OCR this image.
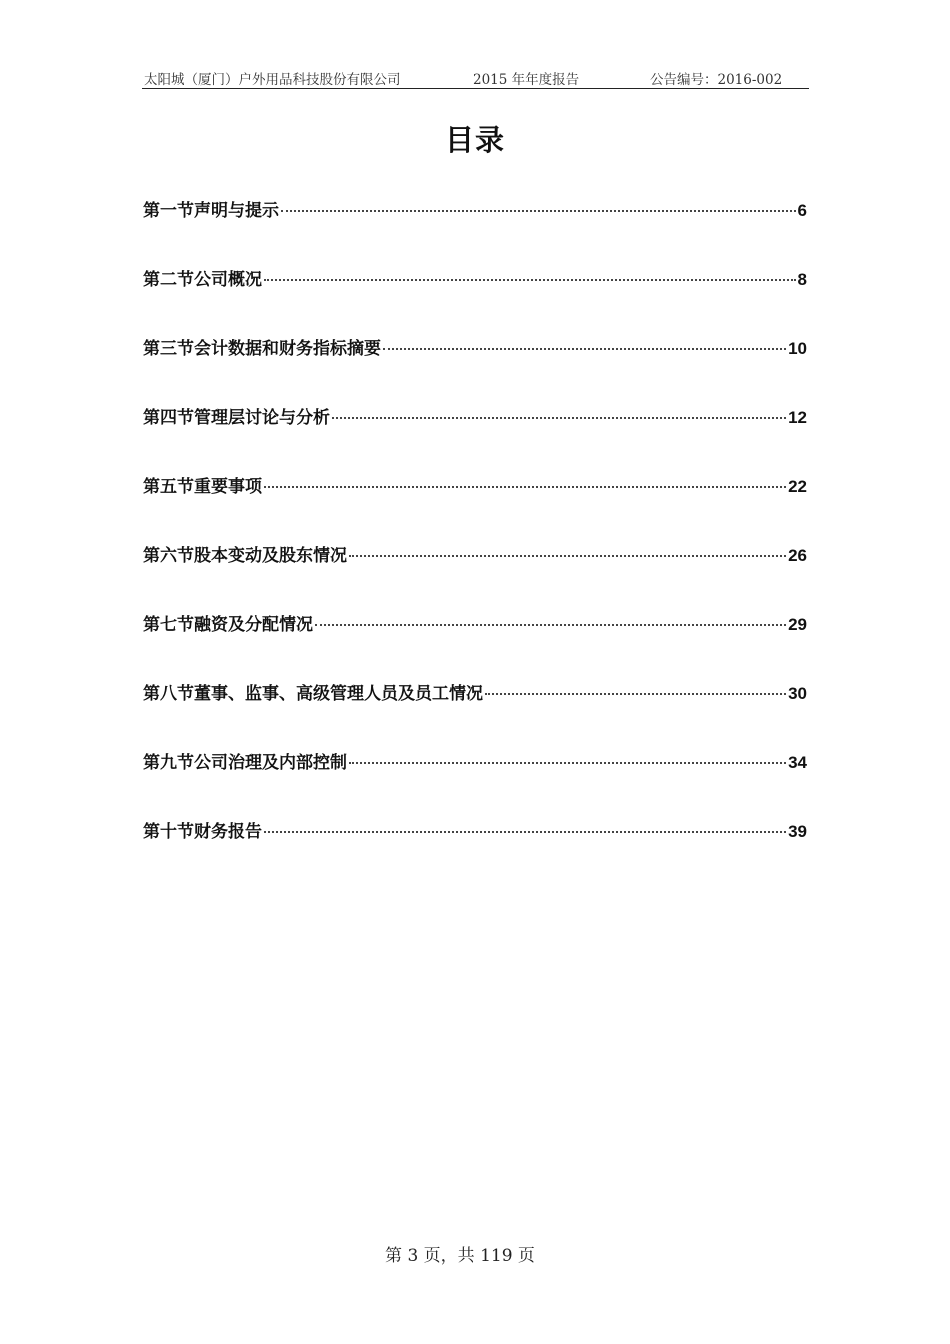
太阳城（厦门）户外用品科技股份有限公司	2015 年年度报告	公告编号：2016-002
目录
第一节声明与提示	6
第二节公司概况	8
第三节会计数据和财务指标摘要	10
第四节管理层讨论与分析	12
第五节重要事项	22
第六节股本变动及股东情况	26
第七节融资及分配情况	29
第八节董事、监事、高级管理人员及员工情况	30
第九节公司治理及内部控制	34
第十节财务报告	39
第 3 页，共 119 页
